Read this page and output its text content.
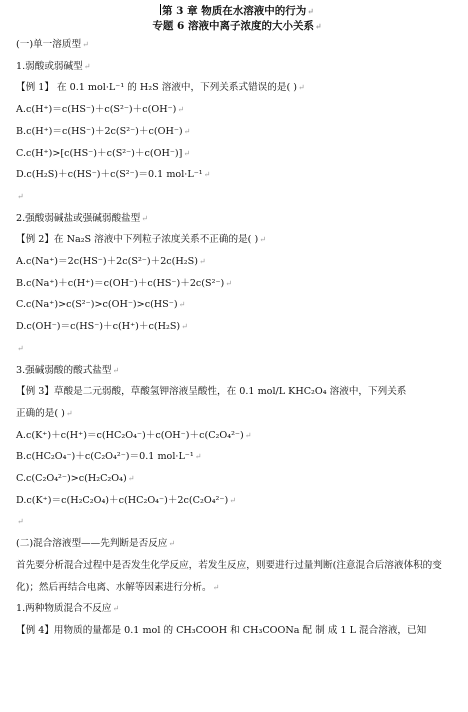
第 3 章 物质在水溶液中的行为↵
专题 6 溶液中离子浓度的大小关系↵
(一)单一溶质型↵
1.弱酸或弱碱型↵
【例 1】 在 0.1 mol·L⁻¹ 的 H₂S 溶液中，下列关系式错误的是( )↵
A.c(H⁺)＝c(HS⁻)＋c(S²⁻)＋c(OH⁻)↵
B.c(H⁺)＝c(HS⁻)＋2c(S²⁻)＋c(OH⁻)↵
C.c(H⁺)>[c(HS⁻)＋c(S²⁻)＋c(OH⁻)]↵
D.c(H₂S)＋c(HS⁻)＋c(S²⁻)＝0.1 mol·L⁻¹↵
↵
2.强酸弱碱盐或强碱弱酸盐型↵
【例 2】在 Na₂S 溶液中下列粒子浓度关系不正确的是( )↵
A.c(Na⁺)＝2c(HS⁻)＋2c(S²⁻)＋2c(H₂S)↵
B.c(Na⁺)＋c(H⁺)＝c(OH⁻)＋c(HS⁻)＋2c(S²⁻)↵
C.c(Na⁺)>c(S²⁻)>c(OH⁻)>c(HS⁻)↵
D.c(OH⁻)＝c(HS⁻)＋c(H⁺)＋c(H₂S)↵
↵
3.强碱弱酸的酸式盐型↵
【例 3】草酸是二元弱酸，草酸氢钾溶液呈酸性，在 0.1 mol/L KHC₂O₄ 溶液中，下列关系
正确的是( )↵
A.c(K⁺)＋c(H⁺)＝c(HC₂O₄⁻)＋c(OH⁻)＋c(C₂O₄²⁻)↵
B.c(HC₂O₄⁻)＋c(C₂O₄²⁻)＝0.1 mol·L⁻¹↵
C.c(C₂O₄²⁻)>c(H₂C₂O₄)↵
D.c(K⁺)＝c(H₂C₂O₄)＋c(HC₂O₄⁻)＋2c(C₂O₄²⁻)↵
↵
(二)混合溶液型——先判断是否反应↵
首先要分析混合过程中是否发生化学反应，若发生反应，则要进行过量判断(注意混合后溶液体积的变化)；然后再结合电离、水解等因素进行分析。↵
1.两种物质混合不反应↵
【例 4】用物质的量都是 0.1 mol 的 CH₃COOH 和 CH₃COONa 配 制 成 1 L 混合溶液，已知
